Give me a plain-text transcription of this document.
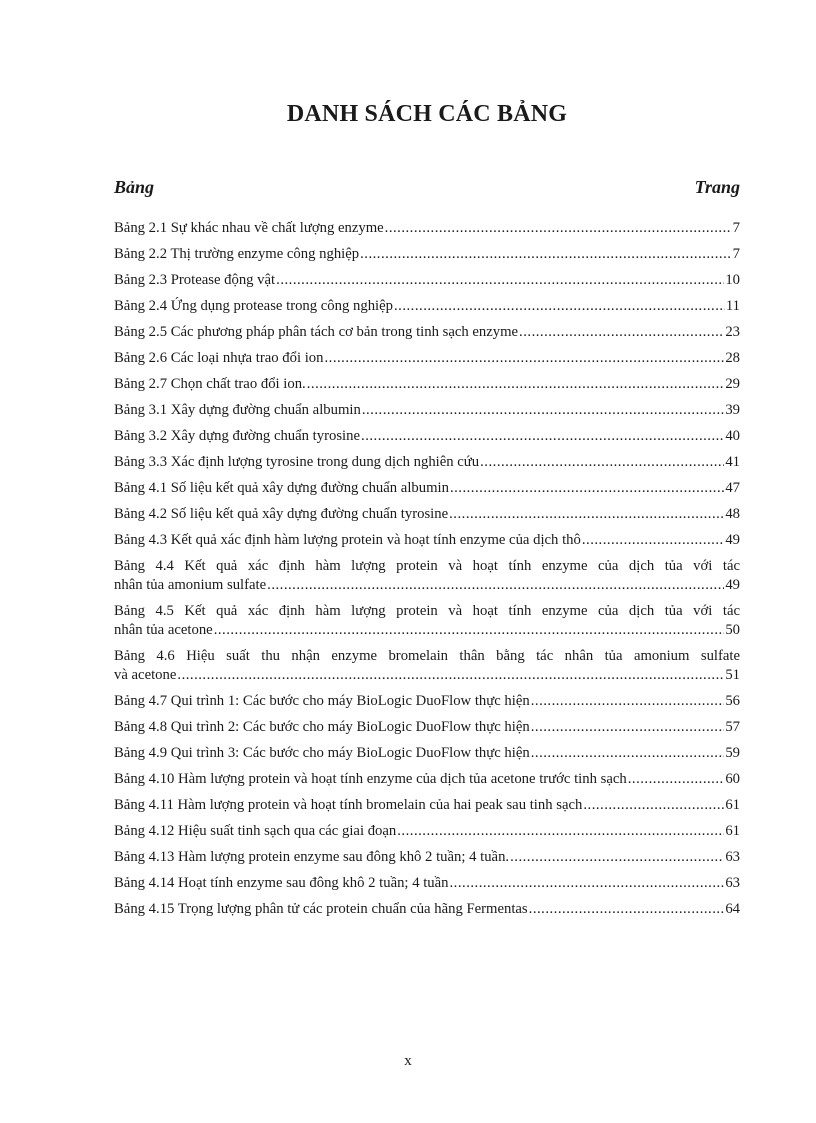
DANH SÁCH CÁC BẢNG
Bảng	Trang
Bảng 2.1 Sự khác nhau về chất lượng enzyme .....	7
Bảng 2.2 Thị trường enzyme công nghiệp .....	7
Bảng 2.3 Protease động vật .....	10
Bảng 2.4 Ứng dụng protease trong công nghiệp .....	11
Bảng 2.5 Các phương pháp phân tách cơ bản trong tinh sạch enzyme .....	23
Bảng 2.6 Các loại nhựa trao đổi ion .....	28
Bảng 2.7 Chọn chất trao đổi ion. .....	29
Bảng 3.1 Xây dựng đường chuẩn albumin .....	39
Bảng 3.2 Xây dựng đường chuẩn tyrosine .....	40
Bảng 3.3 Xác định lượng tyrosine trong dung dịch nghiên cứu .....	41
Bảng 4.1 Số liệu kết quả xây dựng đường chuẩn albumin .....	47
Bảng 4.2 Số liệu kết quả xây dựng đường chuẩn tyrosine .....	48
Bảng 4.3 Kết quả xác định hàm lượng protein và hoạt tính enzyme của dịch thô .....	49
Bảng 4.4 Kết quả xác định hàm lượng protein và hoạt tính enzyme của dịch tủa với tác
nhân tủa amonium sulfate .....	49
Bảng 4.5 Kết quả xác định hàm lượng protein và hoạt tính enzyme của dịch tủa với tác
nhân tủa acetone .....	50
Bảng 4.6 Hiệu suất thu nhận enzyme bromelain thân bằng tác nhân tủa amonium sulfate
và acetone .....	51
Bảng 4.7 Qui trình 1: Các bước cho máy BioLogic DuoFlow thực hiện .....	56
Bảng 4.8 Qui trình 2: Các bước cho máy BioLogic DuoFlow thực hiện .....	57
Bảng 4.9 Qui trình 3: Các bước cho máy BioLogic DuoFlow thực hiện .....	59
Bảng 4.10 Hàm lượng protein và hoạt tính enzyme của dịch tủa acetone trước tinh sạch .....	60
Bảng 4.11 Hàm lượng protein và hoạt tính bromelain của hai peak sau tinh sạch .....	61
Bảng 4.12 Hiệu suất tinh sạch qua các giai đoạn .....	61
Bảng 4.13 Hàm lượng protein enzyme sau đông khô 2 tuần; 4 tuần. .....	63
Bảng 4.14 Hoạt tính enzyme sau đông khô 2 tuần; 4 tuần .....	63
Bảng 4.15 Trọng lượng phân tử các protein chuẩn của hãng Fermentas .....	64
x
